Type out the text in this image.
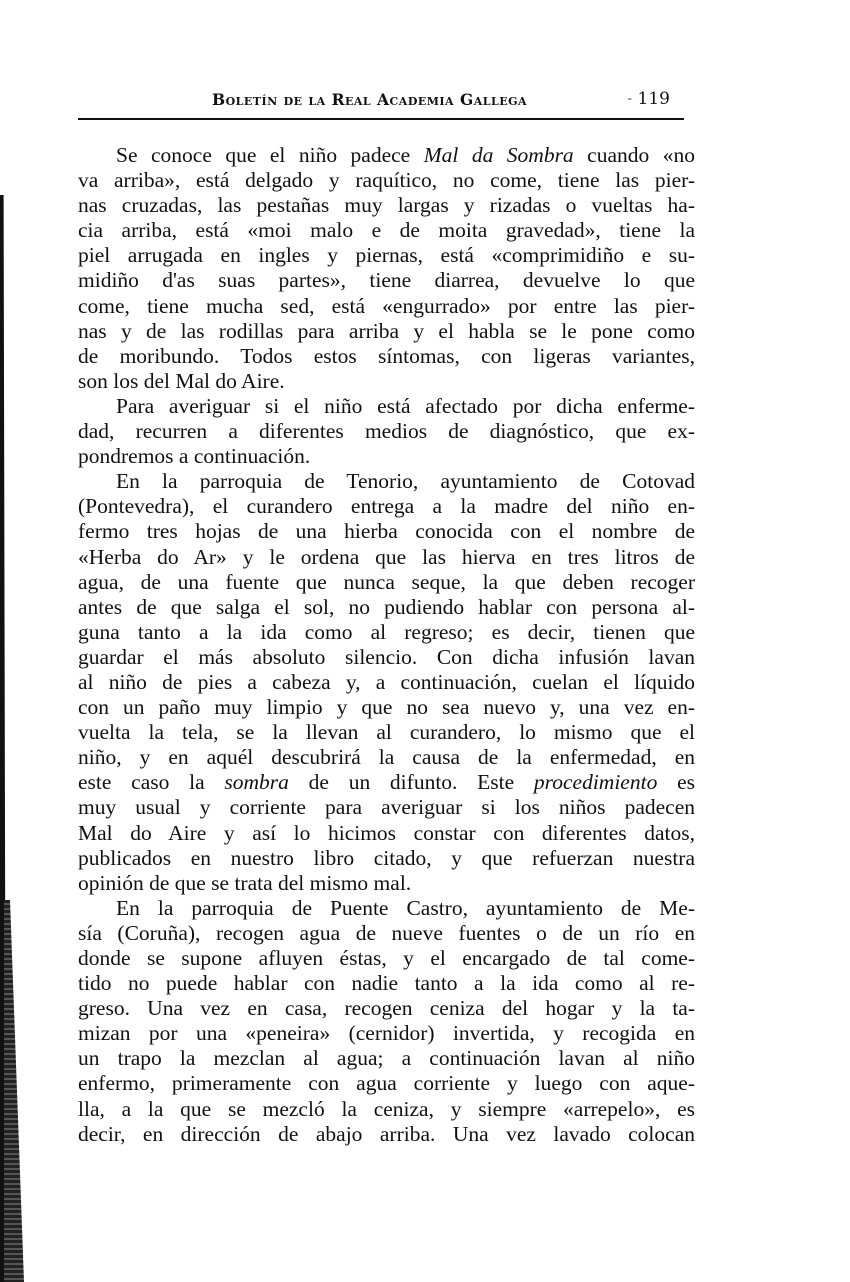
Boletín de la Real Academia Gallega	- 119
Se conoce que el niño padece Mal da Sombra cuando «no
va arriba», está delgado y raquítico, no come, tiene las pier-
nas cruzadas, las pestañas muy largas y rizadas o vueltas ha-
cia arriba, está «moi malo e de moita gravedad», tiene la
piel arrugada en ingles y piernas, está «comprimidiño e su-
midiño d'as suas partes», tiene diarrea, devuelve lo que
come, tiene mucha sed, está «engurrado» por entre las pier-
nas y de las rodillas para arriba y el habla se le pone como
de moribundo. Todos estos síntomas, con ligeras variantes,
son los del Mal do Aire.
Para averiguar si el niño está afectado por dicha enferme-
dad, recurren a diferentes medios de diagnóstico, que ex-
pondremos a continuación.
En la parroquia de Tenorio, ayuntamiento de Cotovad
(Pontevedra), el curandero entrega a la madre del niño en-
fermo tres hojas de una hierba conocida con el nombre de
«Herba do Ar» y le ordena que las hierva en tres litros de
agua, de una fuente que nunca seque, la que deben recoger
antes de que salga el sol, no pudiendo hablar con persona al-
guna tanto a la ida como al regreso; es decir, tienen que
guardar el más absoluto silencio. Con dicha infusión lavan
al niño de pies a cabeza y, a continuación, cuelan el líquido
con un paño muy limpio y que no sea nuevo y, una vez en-
vuelta la tela, se la llevan al curandero, lo mismo que el
niño, y en aquél descubrirá la causa de la enfermedad, en
este caso la sombra de un difunto. Este procedimiento es
muy usual y corriente para averiguar si los niños padecen
Mal do Aire y así lo hicimos constar con diferentes datos,
publicados en nuestro libro citado, y que refuerzan nuestra
opinión de que se trata del mismo mal.
En la parroquia de Puente Castro, ayuntamiento de Me-
sía (Coruña), recogen agua de nueve fuentes o de un río en
donde se supone afluyen éstas, y el encargado de tal come-
tido no puede hablar con nadie tanto a la ida como al re-
greso. Una vez en casa, recogen ceniza del hogar y la ta-
mizan por una «peneira» (cernidor) invertida, y recogida en
un trapo la mezclan al agua; a continuación lavan al niño
enfermo, primeramente con agua corriente y luego con aque-
lla, a la que se mezcló la ceniza, y siempre «arrepelo», es
decir, en dirección de abajo arriba. Una vez lavado colocan
